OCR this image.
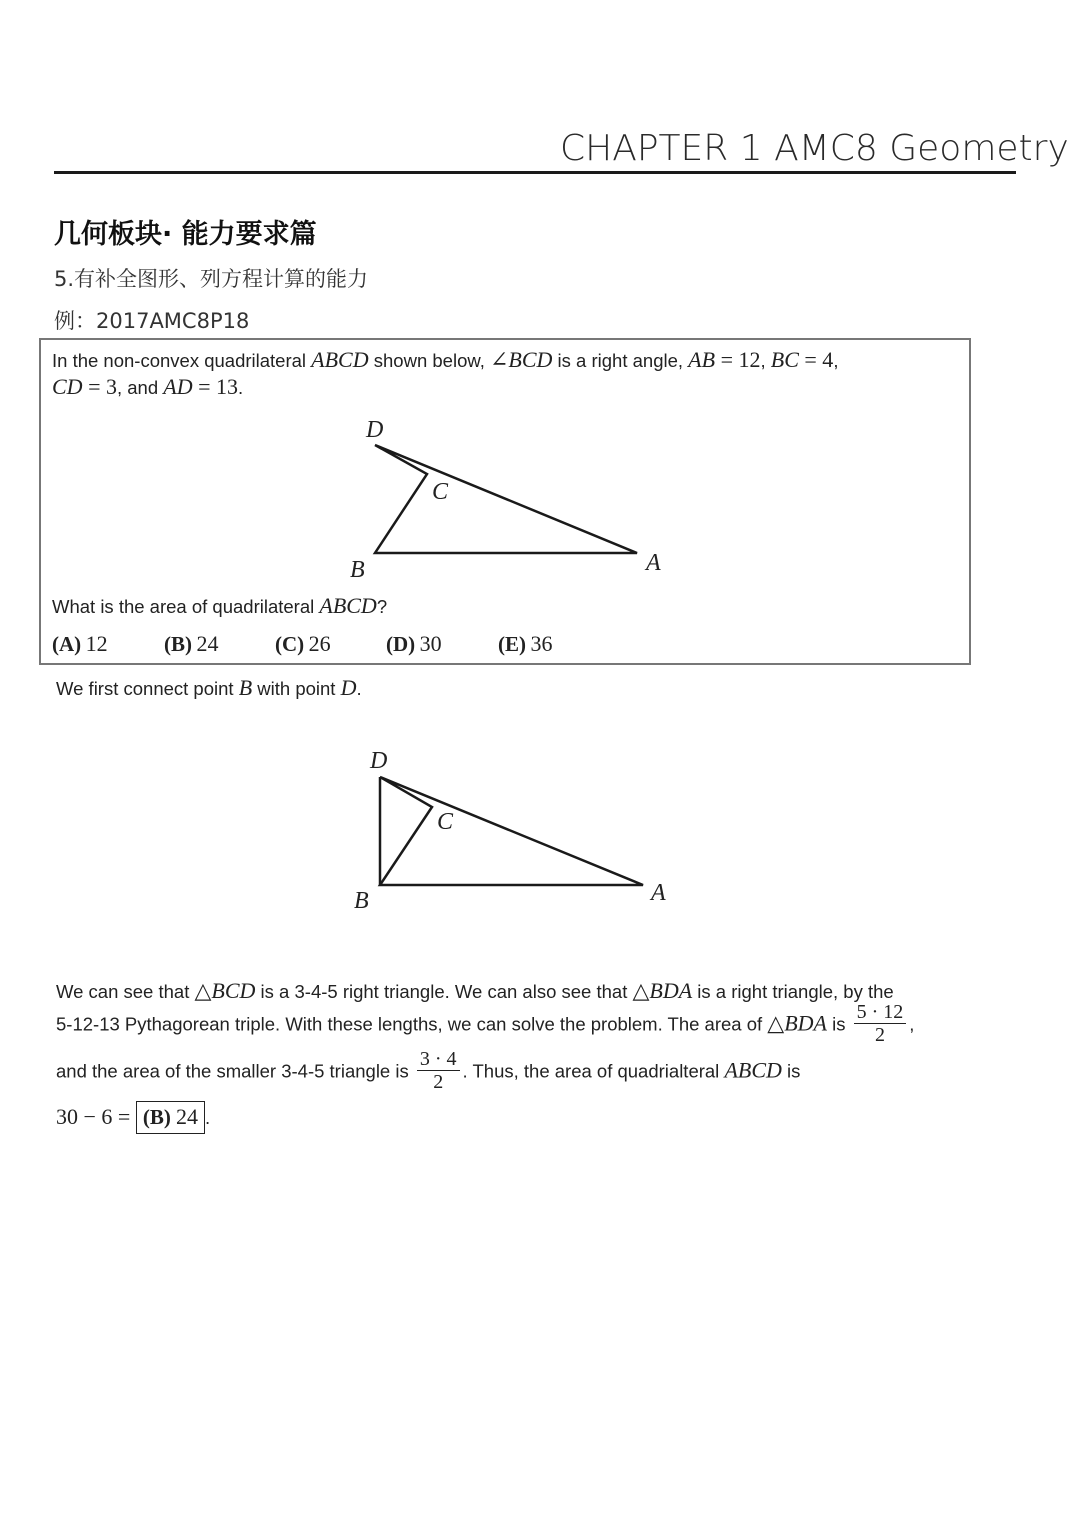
CHAPTER 1 AMC8 Geometry
几何板块· 能力要求篇
5.有补全图形、列方程计算的能力
例：2017AMC8P18
In the non-convex quadrilateral ABCD shown below, ∠BCD is a right angle, AB = 12, BC = 4,
CD = 3, and AD = 13.
D
C
B	A
What is the area of quadrilateral ABCD?
(A) 12	(B) 24	(C) 26	(D) 30	(E) 36
We first connect point B with point D.
D
C
B	A
We can see that △BCD is a 3-4-5 right triangle. We can also see that △BDA is a right triangle, by the
5-12-13 Pythagorean triple. With these lengths, we can solve the problem. The area of △BDA is $\frac{5 \cdot 12}{2}$ ,
and the area of the smaller 3-4-5 triangle is $\frac{3 \cdot 4}{2}$ . Thus, the area of quadrialteral ABCD is
30 − 6 = (B) 24 .
